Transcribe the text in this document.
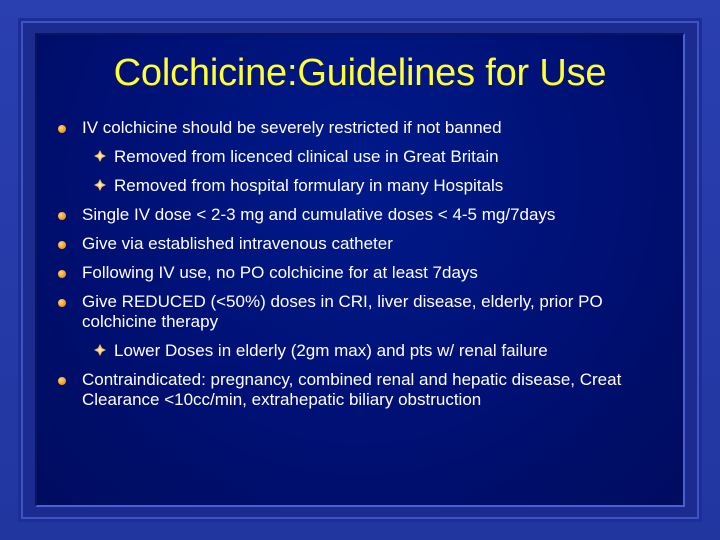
Colchicine:Guidelines for Use
IV colchicine should be severely restricted if not banned
Removed from licenced clinical use in Great Britain
Removed from hospital formulary in many Hospitals
Single IV dose < 2-3 mg and cumulative doses < 4-5 mg/7days
Give via established intravenous catheter
Following IV use, no PO colchicine for at least 7days
Give REDUCED (<50%) doses in CRI, liver disease, elderly, prior PO colchicine therapy
Lower Doses in elderly (2gm max) and pts w/ renal failure
Contraindicated: pregnancy, combined renal and hepatic disease, Creat Clearance <10cc/min, extrahepatic biliary obstruction
